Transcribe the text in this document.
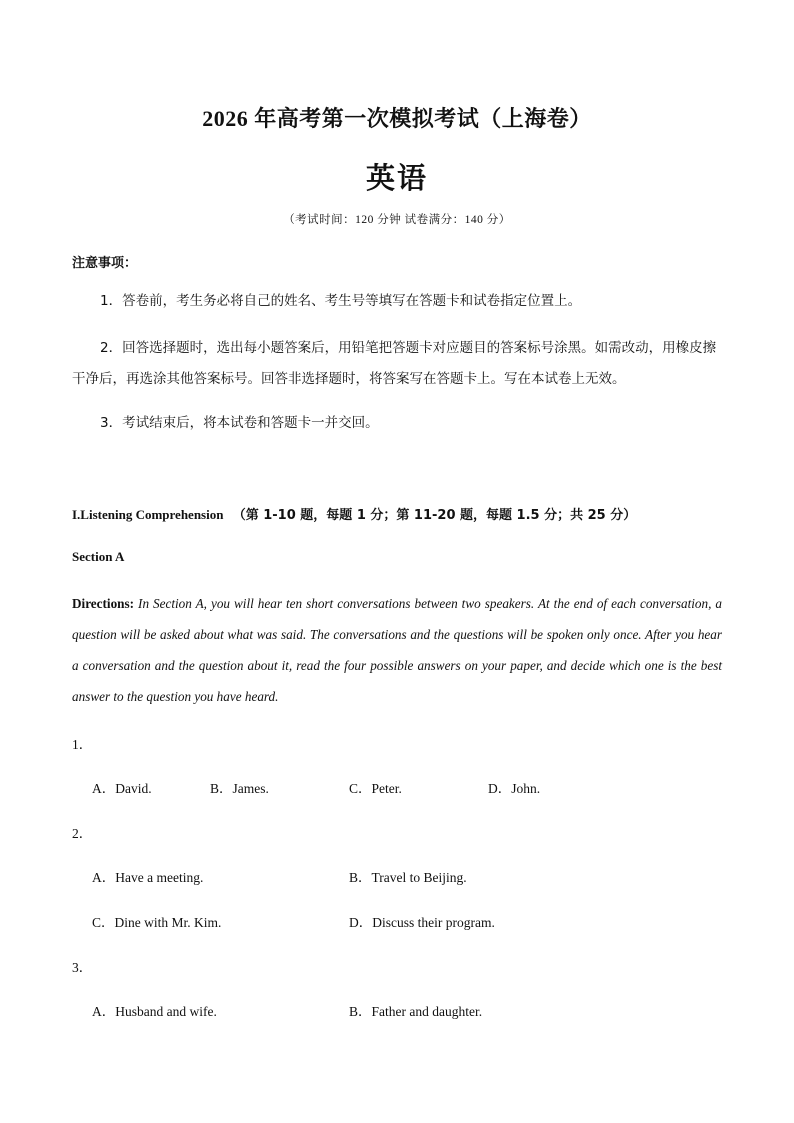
2026 年高考第一次模拟考试（上海卷）
英语
（考试时间：120 分钟 试卷满分：140 分）
注意事项：
1．答卷前，考生务必将自己的姓名、考生号等填写在答题卡和试卷指定位置上。
2．回答选择题时，选出每小题答案后，用铅笔把答题卡对应题目的答案标号涂黑。如需改动，用橡皮擦干净后，再选涂其他答案标号。回答非选择题时，将答案写在答题卡上。写在本试卷上无效。
3．考试结束后，将本试卷和答题卡一并交回。
I.Listening Comprehension （第 1-10 题，每题 1 分；第 11-20 题，每题 1.5 分；共 25 分）
Section A
Directions: In Section A, you will hear ten short conversations between two speakers. At the end of each conversation, a question will be asked about what was said. The conversations and the questions will be spoken only once. After you hear a conversation and the question about it, read the four possible answers on your paper, and decide which one is the best answer to the question you have heard.
1．
A．David.	B．James.	C．Peter.	D．John.
2．
A．Have a meeting.	B．Travel to Beijing.
C．Dine with Mr. Kim.	D．Discuss their program.
3．
A．Husband and wife.	B．Father and daughter.
